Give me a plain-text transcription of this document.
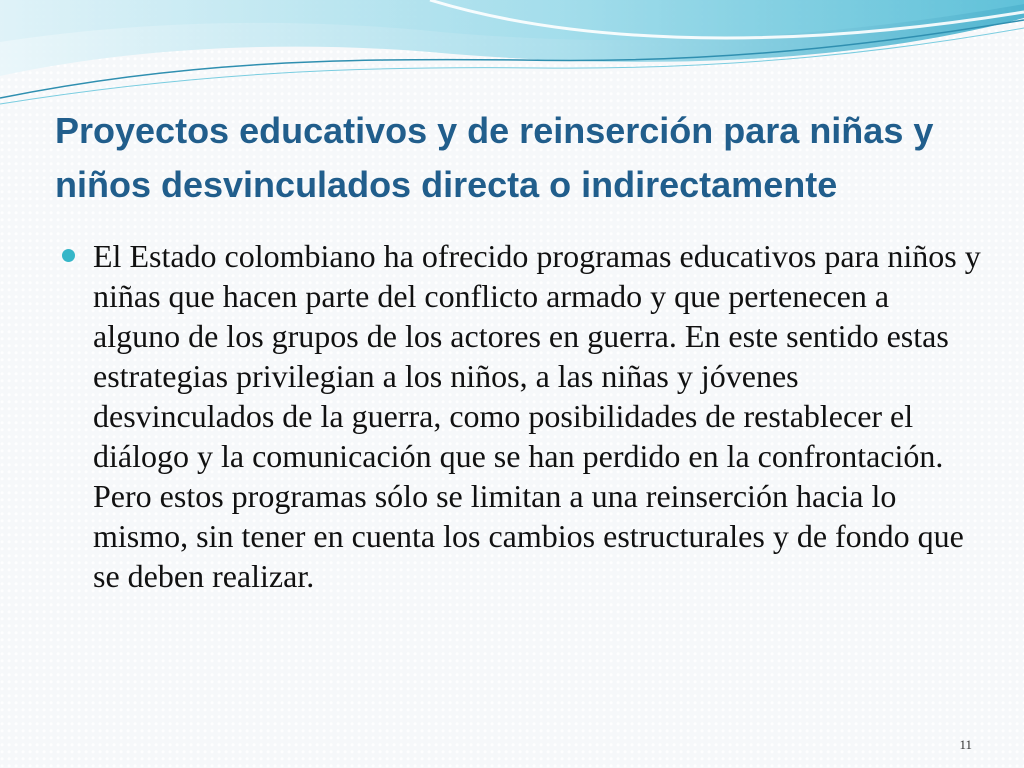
Proyectos educativos y de reinserción para niñas y niños desvinculados directa o indirectamente

El Estado colombiano ha ofrecido programas educativos para niños y niñas que hacen parte del conflicto armado y que pertenecen a alguno de los grupos de los actores en guerra. En este sentido estas estrategias privilegian a los niños, a las niñas y jóvenes desvinculados de la guerra, como posibilidades de restablecer el diálogo y la comunicación que se han perdido en la confrontación. Pero estos programas sólo se limitan a una reinserción hacia lo mismo, sin tener en cuenta los cambios estructurales y de fondo que se deben realizar.

11
